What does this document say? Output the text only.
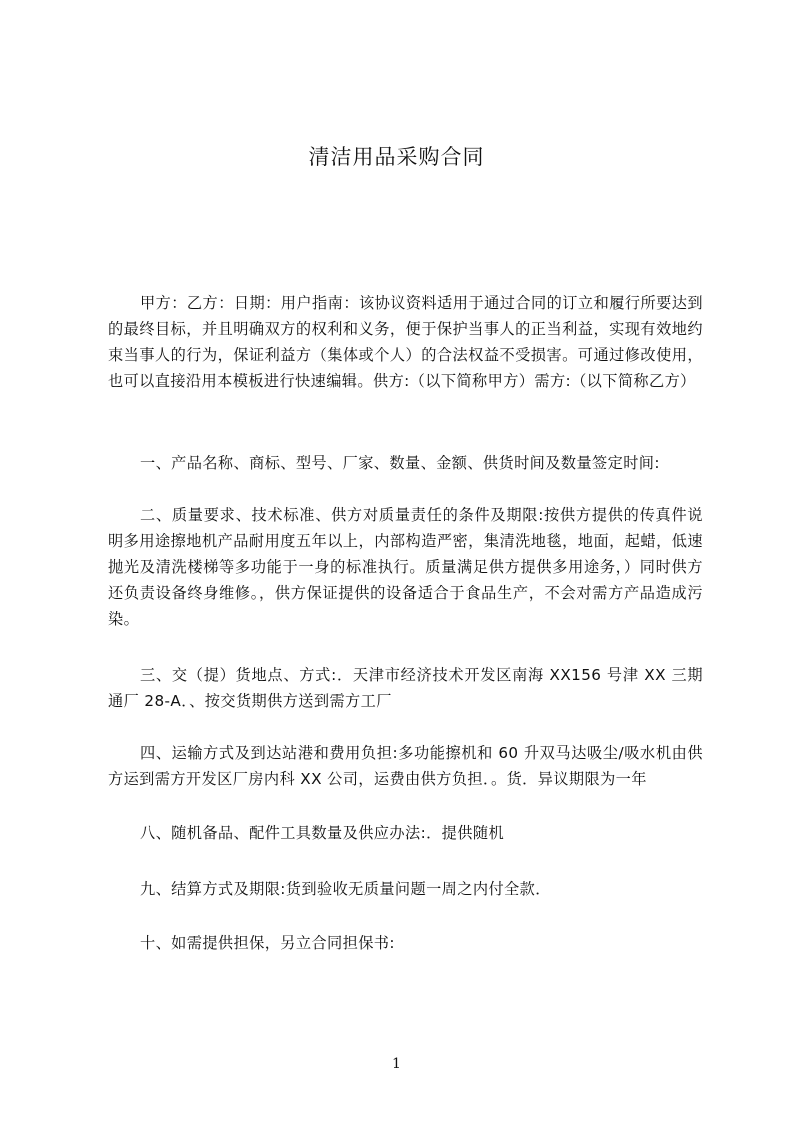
清洁用品采购合同
甲方：乙方：日期：用户指南：该协议资料适用于通过合同的订立和履行所要达到的最终目标，并且明确双方的权利和义务，便于保护当事人的正当利益，实现有效地约束当事人的行为，保证利益方（集体或个人）的合法权益不受损害。可通过修改使用，也可以直接沿用本模板进行快速编辑。供方:（以下简称甲方）需方:（以下简称乙方）
一、产品名称、商标、型号、厂家、数量、金额、供货时间及数量签定时间:
二、质量要求、技术标准、供方对质量责任的条件及期限:按供方提供的传真件说明多用途擦地机产品耐用度五年以上，内部构造严密，集清洗地毯，地面，起蜡，低速抛光及清洗楼梯等多功能于一身的标准执行。质量满足供方提供多用途务，）同时供方还负责设备终身维修。，供方保证提供的设备适合于食品生产，不会对需方产品造成污染。
三、交（提）货地点、方式:．天津市经济技术开发区南海 XX156 号津 XX 三期通厂 28-A．、按交货期供方送到需方工厂
四、运输方式及到达站港和费用负担:多功能擦机和 60 升双马达吸尘/吸水机由供方运到需方开发区厂房内科 XX 公司，运费由供方负担．。货．异议期限为一年
八、随机备品、配件工具数量及供应办法:．提供随机
九、结算方式及期限:货到验收无质量问题一周之内付全款．
十、如需提供担保，另立合同担保书:
1
